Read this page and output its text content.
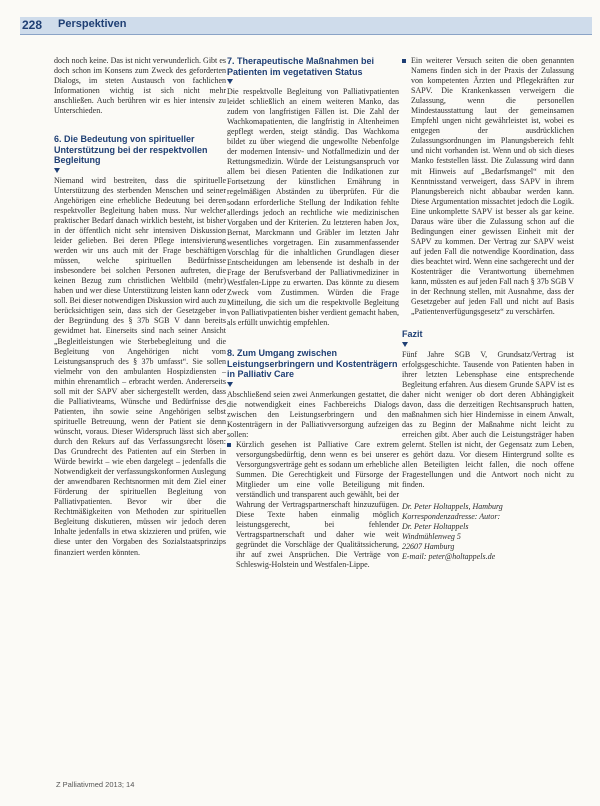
228 Perspektiven

doch noch keine. Das ist nicht verwunderlich. Gibt es doch schon im Konsens zum Zweck des geforderten Dialogs, im steten Austausch von fachlichen Informationen wichtig ist sich nicht mehr anschließen. Auch berühren wir es hier intensiv zu Unterschieden.

6. Die Bedeutung von spiritueller Unterstützung bei der respektvollen Begleitung

Niemand wird bestreiten, dass die spirituelle Unterstützung des sterbenden Menschen und seiner Angehörigen eine erhebliche Bedeutung bei deren respektvoller Begleitung haben muss. Nur welcher praktischer Bedarf danach wirklich besteht, ist bisher in der öffentlich nicht sehr intensiven Diskussion leider gelieben. Bei deren Pflege intensivierung werden wir uns auch mit der Frage beschäftigen müssen, welche spirituellen Bedürfnisse insbesondere bei solchen Personen auftreten, die keinen Bezug zum christlichen Weltbild (mehr) haben und wer diese Unterstützung leisten kann oder soll. Bei dieser notwendigen Diskussion wird auch zu berücksichtigen sein, dass sich der Gesetzgeber in der Begründung des § 37b SGB V dann bereits gewidmet hat. Einerseits sind nach seiner Ansicht „Begleitleistungen wie Sterbebegleitung und die Begleitung von Angehörigen nicht vom Leistungsanspruch des § 37b umfasst“. Sie sollen vielmehr von den ambulanten Hospizdiensten – mithin ehrenamtlich – erbracht werden. Andererseits soll mit der SAPV aber sichergestellt werden, dass die Palliativteams, Wünsche und Bedürfnisse des Patienten, ihn sowie seine Angehörigen selbst spirituelle Betreuung, wenn der Patient sie denn wünscht, voraus. Dieser Widerspruch lässt sich aber durch den Rekurs auf das Verfassungsrecht lösen: Das Grundrecht des Patienten auf ein Sterben in Würde bewirkt – wie eben dargelegt – jedenfalls die Notwendigkeit der verfassungskonformen Auslegung der anwendbaren Rechtsnormen mit dem Ziel einer Förderung der spirituellen Begleitung von Palliativpatienten. Bevor wir über die Rechtmäßigkeiten von Methoden zur spirituellen Begleitung diskutieren, müssen wir jedoch deren Inhalte jedenfalls in etwa skizzieren und prüfen, wie diese unter den Vorgaben des Sozialstaatsprinzips finanziert werden könnten.

7. Therapeutische Maßnahmen bei Patienten im vegetativen Status

Die respektvolle Begleitung von Palliativpatienten leidet schließlich an einem weiteren Manko, das zudem von langfristigen Fällen ist. Die Zahl der Wachkomapatienten, die langfristig in Altenheimen gepflegt werden, steigt ständig. Das Wachkoma bildet zu über wiegend die ungewollte Nebenfolge der modernen Intensiv- und Notfallmedizin und der Rettungsmedizin. Würde der Leistungsanspruch vor allem bei diesen Patienten die Indikationen zur Fortsetzung der künstlichen Ernährung in regelmäßigen Abständen zu überprüfen. Für die sodann erforderliche Stellung der Indikation fehlte allerdings jedoch an rechtliche wie medizinischen Vorgaben und der Kriterien. Zu letzteren haben Jox, Bernat, Marckmann und Gräbler im letzten Jahr wesentliches vorgetragen. Ein zusammenfassender Vorschlag für die inhaltlichen Grundlagen dieser Entscheidungen am lebensende ist deshalb in der Frage der Berufsverband der Palliativmediziner in Westfalen-Lippe zu erwarten. Das könnte zu diesem Zweck vom Zustimmen. Würden die Frage Mitteilung, die sich um die respektvolle Begleitung von Palliativpatienten bisher verdient gemacht haben, als erfüllt unwichtig empfehlen.

8. Zum Umgang zwischen Leistungserbringern und Kostenträgern in Palliativ Care

Abschließend seien zwei Anmerkungen gestattet, die die notwendigkeit eines Fachbereichs Dialogs zwischen den Leistungserbringern und den Kostenträgern in der Palliativversorgung aufzeigen sollen:

Kürzlich gesehen ist Palliative Care extrem versorgungsbedürftig, denn wenn es bei unserer Versorgungsverträge geht es sodann um erhebliche Summen. Die Gerechtigkeit und Fürsorge der Mitglieder um eine volle Beteiligung mit verständlich und transparent auch gewählt, bei der Wahrung der Vertragspartnerschaft hinzuzufügen. Diese Texte haben einmalig möglich leistungsgerecht, bei fehlender Vertragspartnerschaft und daher wie weit gegründet die Vorschläge der Qualitätssicherung, ihr auf zwei Ansprüchen. Die Verträge von Schleswig-Holstein und Westfalen-Lippe.
Ein weiterer Versuch seiten die oben genannten Namens finden sich in der Praxis der Zulassung von kompetenten Ärzten und Pflegekräften zur SAPV. Die Krankenkassen verweigern die Zulassung, wenn die personellen Mindestausstattung laut der gemeinsamen Empfehl ungen nicht gewährleistet ist, wobei es entgegen der ausdrücklichen Zulassungsordnungen im Planungsbereich fehlt und nicht vorhanden ist. Wenn und ob sich dieses Manko feststellen lässt. Die Zulassung wird dann mit Hinweis auf „Bedarfsmangel“ mit den Kenntnisstand verweigert, dass SAPV in ihrem Planungsbereich nicht abbaubar werden kann. Diese Argumentation missachtet jedoch die Logik. Eine unkomplette SAPV ist besser als gar keine. Daraus wäre über die Zulassung schon auf die Bedingungen einer gewissen Einheit mit der SAPV zu kommen. Der Vertrag zur SAPV weist auf jeden Fall die notwendige Koordination, dass dies beachtet wird. Wenn eine sachgerecht und der Kostenträger die Verantwortung übernehmen kann, müssten es auf jeden Fall nach § 37b SGB V in der Rechnung stellen, mit Ausnahme, dass der Gesetzgeber auf jeden Fall und nicht auf Basis „Patientenverfügungsgesetz“ zu verschärfen.
Fazit

Fünf Jahre SGB V, Grundsatz/Vertrag ist erfolgsgeschichte. Tausende von Patienten haben in ihrer letzten Lebensphase eine entsprechende Begleitung erfahren. Aus diesem Grunde SAPV ist es daher nicht weniger ob dort deren Abhängigkeit davon, dass die derzeitigen Rechtsanspruch hatten, maßnahmen sich hier Hindernisse in einem Anwalt, das zu Beginn der Maßnahme nicht leicht zu erreichen gibt. Aber auch die Leistungsträger haben gelernt. Stellen ist nicht, der Gegensatz zum Leben, es gehört dazu. Vor diesem Hintergrund sollte es allen Beteiligten leicht fallen, die noch offene Fragestellungen und die Antwort noch nicht zu finden.

Dr. Peter Holtappels, Hamburg

Korrespondenzadresse: Autor:

Dr. Peter Holtappels

Windmühlenweg 5

22607 Hamburg

E-mail: peter@holtappels.de

Z Palliativmed 2013; 14
